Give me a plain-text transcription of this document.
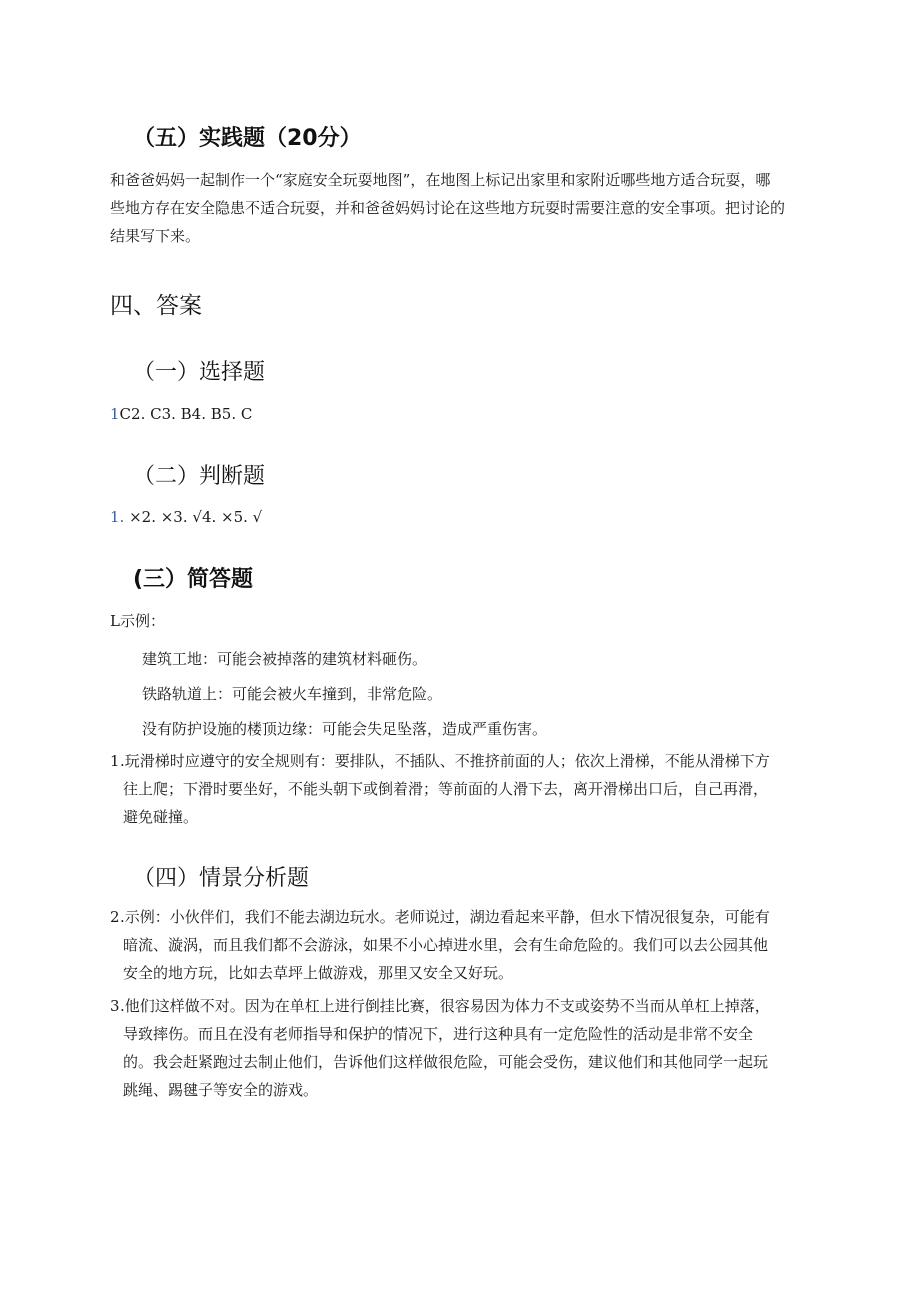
（五）实践题（20分）
和爸爸妈妈一起制作一个“家庭安全玩耍地图”，在地图上标记出家里和家附近哪些地方适合玩耍，哪
些地方存在安全隐患不适合玩耍，并和爸爸妈妈讨论在这些地方玩耍时需要注意的安全事项。把讨论的
结果写下来。
四、答案
（一）选择题
1C2. C3. B4. B5. C
（二）判断题
1. ×2. ×3. √4. ×5. √
(三）简答题
L示例：
建筑工地：可能会被掉落的建筑材料砸伤。
铁路轨道上：可能会被火车撞到，非常危险。
没有防护设施的楼顶边缘：可能会失足坠落，造成严重伤害。
1 .玩滑梯时应遵守的安全规则有：要排队，不插队、不推挤前面的人；依次上滑梯，不能从滑梯下方
往上爬；下滑时要坐好，不能头朝下或倒着滑；等前面的人滑下去，离开滑梯出口后，自己再滑，
避免碰撞。
（四）情景分析题
2 .示例：小伙伴们，我们不能去湖边玩水。老师说过，湖边看起来平静，但水下情况很复杂，可能有
暗流、漩涡，而且我们都不会游泳，如果不小心掉进水里，会有生命危险的。我们可以去公园其他
安全的地方玩，比如去草坪上做游戏，那里又安全又好玩。
3 .他们这样做不对。因为在单杠上进行倒挂比赛，很容易因为体力不支或姿势不当而从单杠上掉落，
导致摔伤。而且在没有老师指导和保护的情况下，进行这种具有一定危险性的活动是非常不安全
的。我会赶紧跑过去制止他们，告诉他们这样做很危险，可能会受伤，建议他们和其他同学一起玩
跳绳、踢毽子等安全的游戏。
